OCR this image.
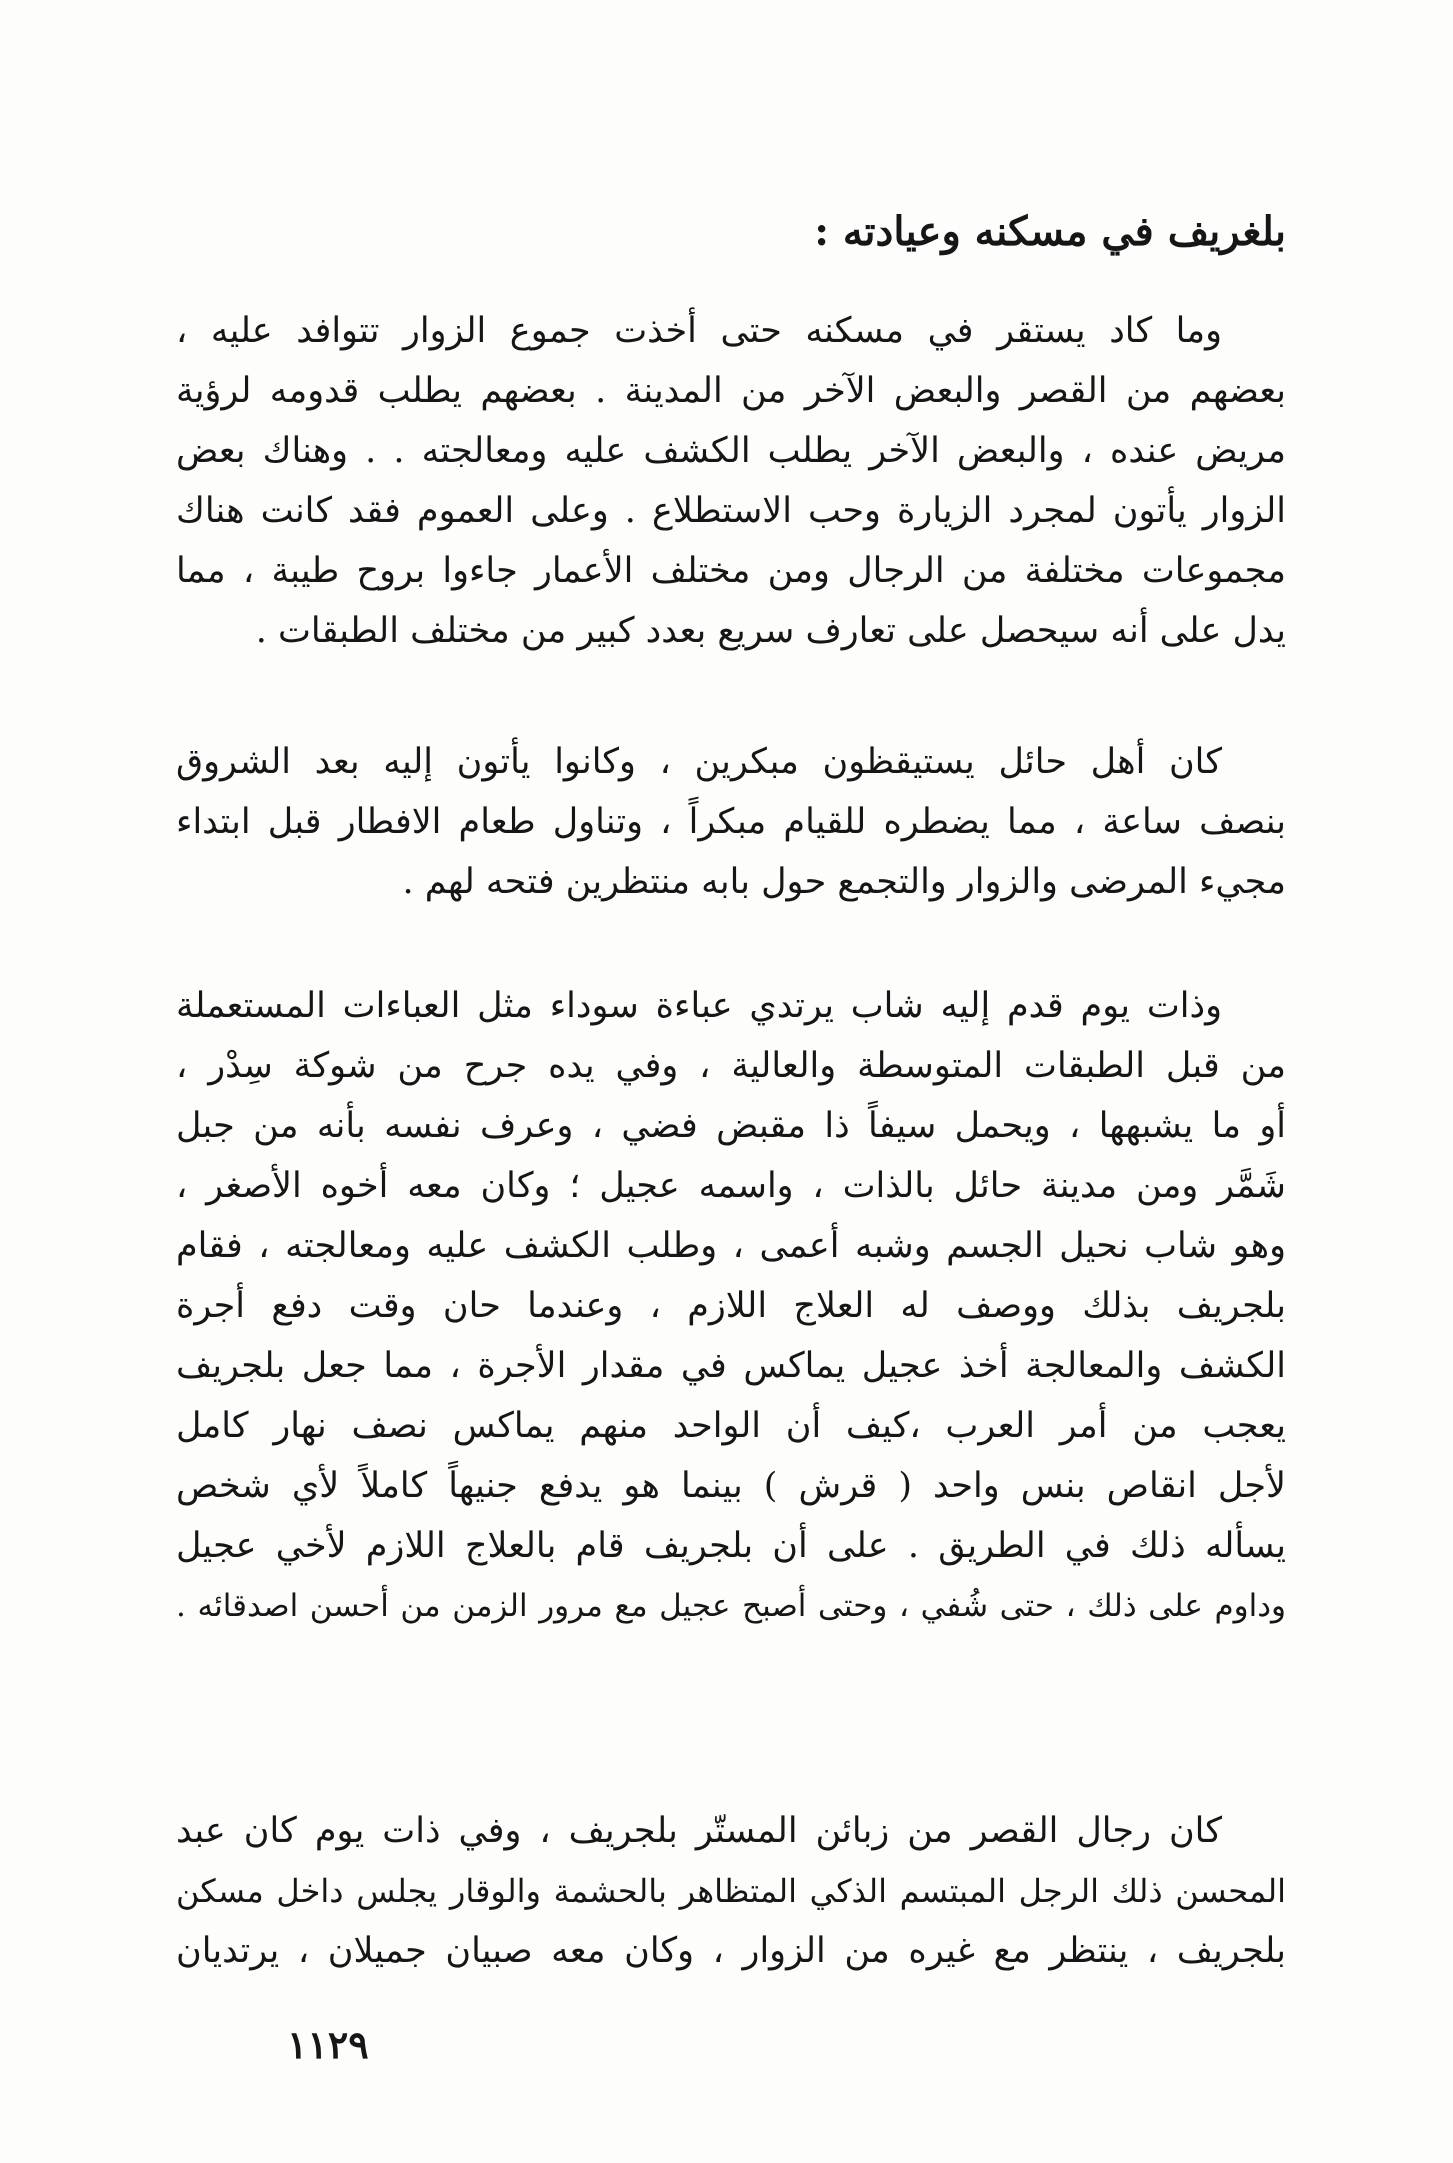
بلغريف في مسكنه وعيادته :
وما كاد يستقر في مسكنه حتى أخذت جموع الزوار تتوافد عليه ،
بعضهم من القصر والبعض الآخر من المدينة . بعضهم يطلب قدومه لرؤية
مريض عنده ، والبعض الآخر يطلب الكشف عليه ومعالجته . . وهناك بعض
الزوار يأتون لمجرد الزيارة وحب الاستطلاع . وعلى العموم فقد كانت هناك
مجموعات مختلفة من الرجال ومن مختلف الأعمار جاءوا بروح طيبة ، مما
يدل على أنه سيحصل على تعارف سريع بعدد كبير من مختلف الطبقات .
كان أهل حائل يستيقظون مبكرين ، وكانوا يأتون إليه بعد الشروق
بنصف ساعة ، مما يضطره للقيام مبكراً ، وتناول طعام الافطار قبل ابتداء
مجيء المرضى والزوار والتجمع حول بابه منتظرين فتحه لهم .
وذات يوم قدم إليه شاب يرتدي عباءة سوداء مثل العباءات المستعملة
من قبل الطبقات المتوسطة والعالية ، وفي يده جرح من شوكة سِدْر ،
أو ما يشبهها ، ويحمل سيفاً ذا مقبض فضي ، وعرف نفسه بأنه من جبل
شَمَّر ومن مدينة حائل بالذات ، واسمه عجيل ؛ وكان معه أخوه الأصغر ،
وهو شاب نحيل الجسم وشبه أعمى ، وطلب الكشف عليه ومعالجته ، فقام
بلجريف بذلك ووصف له العلاج اللازم ، وعندما حان وقت دفع أجرة
الكشف والمعالجة أخذ عجيل يماكس في مقدار الأجرة ، مما جعل بلجريف
يعجب من أمر العرب ،كيف أن الواحد منهم يماكس نصف نهار كامل
لأجل انقاص بنس واحد ( قرش ) بينما هو يدفع جنيهاً كاملاً لأي شخص
يسأله ذلك في الطريق . على أن بلجريف قام بالعلاج اللازم لأخي عجيل
وداوم على ذلك ، حتى شُفي ، وحتى أصبح عجيل مع مرور الزمن من أحسن اصدقائه .
كان رجال القصر من زبائن المستّر بلجريف ، وفي ذات يوم كان عبد
المحسن ذلك الرجل المبتسم الذكي المتظاهر بالحشمة والوقار يجلس داخل مسكن
بلجريف ، ينتظر مع غيره من الزوار ، وكان معه صبيان جميلان ، يرتديان
١١٢٩
